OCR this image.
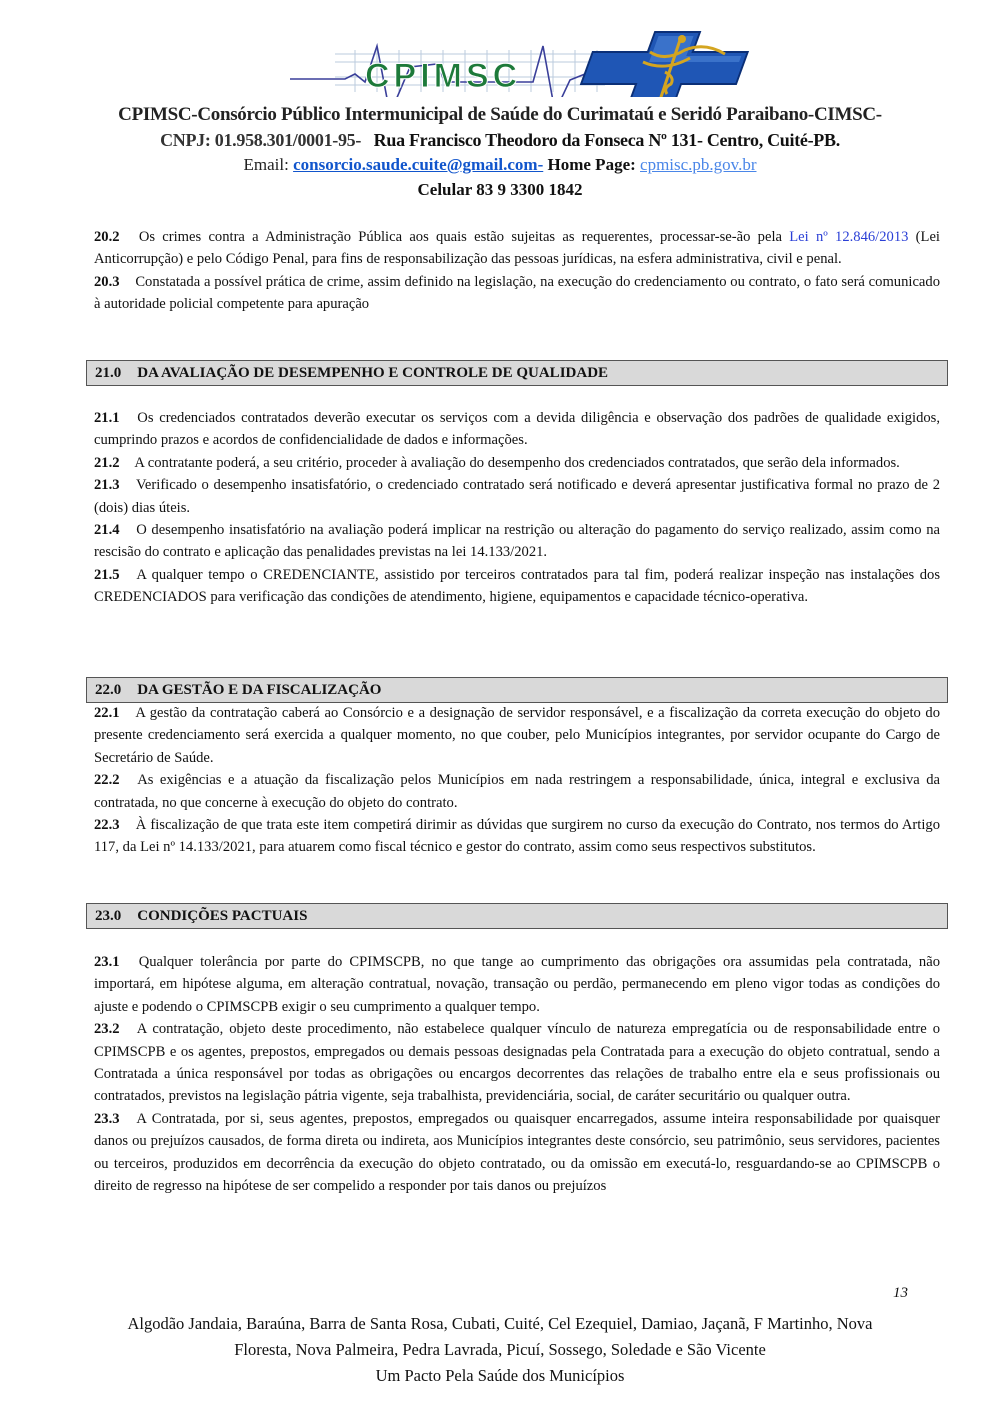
CPIMSC
CPIMSC-Consórcio Público Intermunicipal de Saúde do Curimataú e Seridó Paraibano-CIMSC-
CNPJ: 01.958.301/0001-95- Rua Francisco Theodoro da Fonseca Nº 131- Centro, Cuité-PB.
Email: consorcio.saude.cuite@gmail.com- Home Page: cpmisc.pb.gov.br
Celular 83 9 3300 1842

20.2 Os crimes contra a Administração Pública aos quais estão sujeitas as requerentes, processar-se-ão pela Lei nº 12.846/2013 (Lei Anticorrupção) e pelo Código Penal, para fins de responsabilização das pessoas jurídicas, na esfera administrativa, civil e penal.

20.3 Constatada a possível prática de crime, assim definido na legislação, na execução do credenciamento ou contrato, o fato será comunicado à autoridade policial competente para apuração

21.0 DA AVALIAÇÃO DE DESEMPENHO E CONTROLE DE QUALIDADE

21.1 Os credenciados contratados deverão executar os serviços com a devida diligência e observação dos padrões de qualidade exigidos, cumprindo prazos e acordos de confidencialidade de dados e informações.

21.2 A contratante poderá, a seu critério, proceder à avaliação do desempenho dos credenciados contratados, que serão dela informados.

21.3 Verificado o desempenho insatisfatório, o credenciado contratado será notificado e deverá apresentar justificativa formal no prazo de 2 (dois) dias úteis.

21.4 O desempenho insatisfatório na avaliação poderá implicar na restrição ou alteração do pagamento do serviço realizado, assim como na rescisão do contrato e aplicação das penalidades previstas na lei 14.133/2021.

21.5 A qualquer tempo o CREDENCIANTE, assistido por terceiros contratados para tal fim, poderá realizar inspeção nas instalações dos CREDENCIADOS para verificação das condições de atendimento, higiene, equipamentos e capacidade técnico-operativa.

22.0 DA GESTÃO E DA FISCALIZAÇÃO

22.1 A gestão da contratação caberá ao Consórcio e a designação de servidor responsável, e a fiscalização da correta execução do objeto do presente credenciamento será exercida a qualquer momento, no que couber, pelo Municípios integrantes, por servidor ocupante do Cargo de Secretário de Saúde.

22.2 As exigências e a atuação da fiscalização pelos Municípios em nada restringem a responsabilidade, única, integral e exclusiva da contratada, no que concerne à execução do objeto do contrato.

22.3 À fiscalização de que trata este item competirá dirimir as dúvidas que surgirem no curso da execução do Contrato, nos termos do Artigo 117, da Lei nº 14.133/2021, para atuarem como fiscal técnico e gestor do contrato, assim como seus respectivos substitutos.

23.0 CONDIÇÕES PACTUAIS

23.1 Qualquer tolerância por parte do CPIMSCPB, no que tange ao cumprimento das obrigações ora assumidas pela contratada, não importará, em hipótese alguma, em alteração contratual, novação, transação ou perdão, permanecendo em pleno vigor todas as condições do ajuste e podendo o CPIMSCPB exigir o seu cumprimento a qualquer tempo.

23.2 A contratação, objeto deste procedimento, não estabelece qualquer vínculo de natureza empregatícia ou de responsabilidade entre o CPIMSCPB e os agentes, prepostos, empregados ou demais pessoas designadas pela Contratada para a execução do objeto contratual, sendo a Contratada a única responsável por todas as obrigações ou encargos decorrentes das relações de trabalho entre ela e seus profissionais ou contratados, previstos na legislação pátria vigente, seja trabalhista, previdenciária, social, de caráter securitário ou qualquer outra.

23.3 A Contratada, por si, seus agentes, prepostos, empregados ou quaisquer encarregados, assume inteira responsabilidade por quaisquer danos ou prejuízos causados, de forma direta ou indireta, aos Municípios integrantes deste consórcio, seu patrimônio, seus servidores, pacientes ou terceiros, produzidos em decorrência da execução do objeto contratado, ou da omissão em executá-lo, resguardando-se ao CPIMSCPB o direito de regresso na hipótese de ser compelido a responder por tais danos ou prejuízos

13
Algodão Jandaia, Baraúna, Barra de Santa Rosa, Cubati, Cuité, Cel Ezequiel, Damiao, Jaçanã, F Martinho, Nova
Floresta, Nova Palmeira, Pedra Lavrada, Picuí, Sossego, Soledade e São Vicente
Um Pacto Pela Saúde dos Municípios
